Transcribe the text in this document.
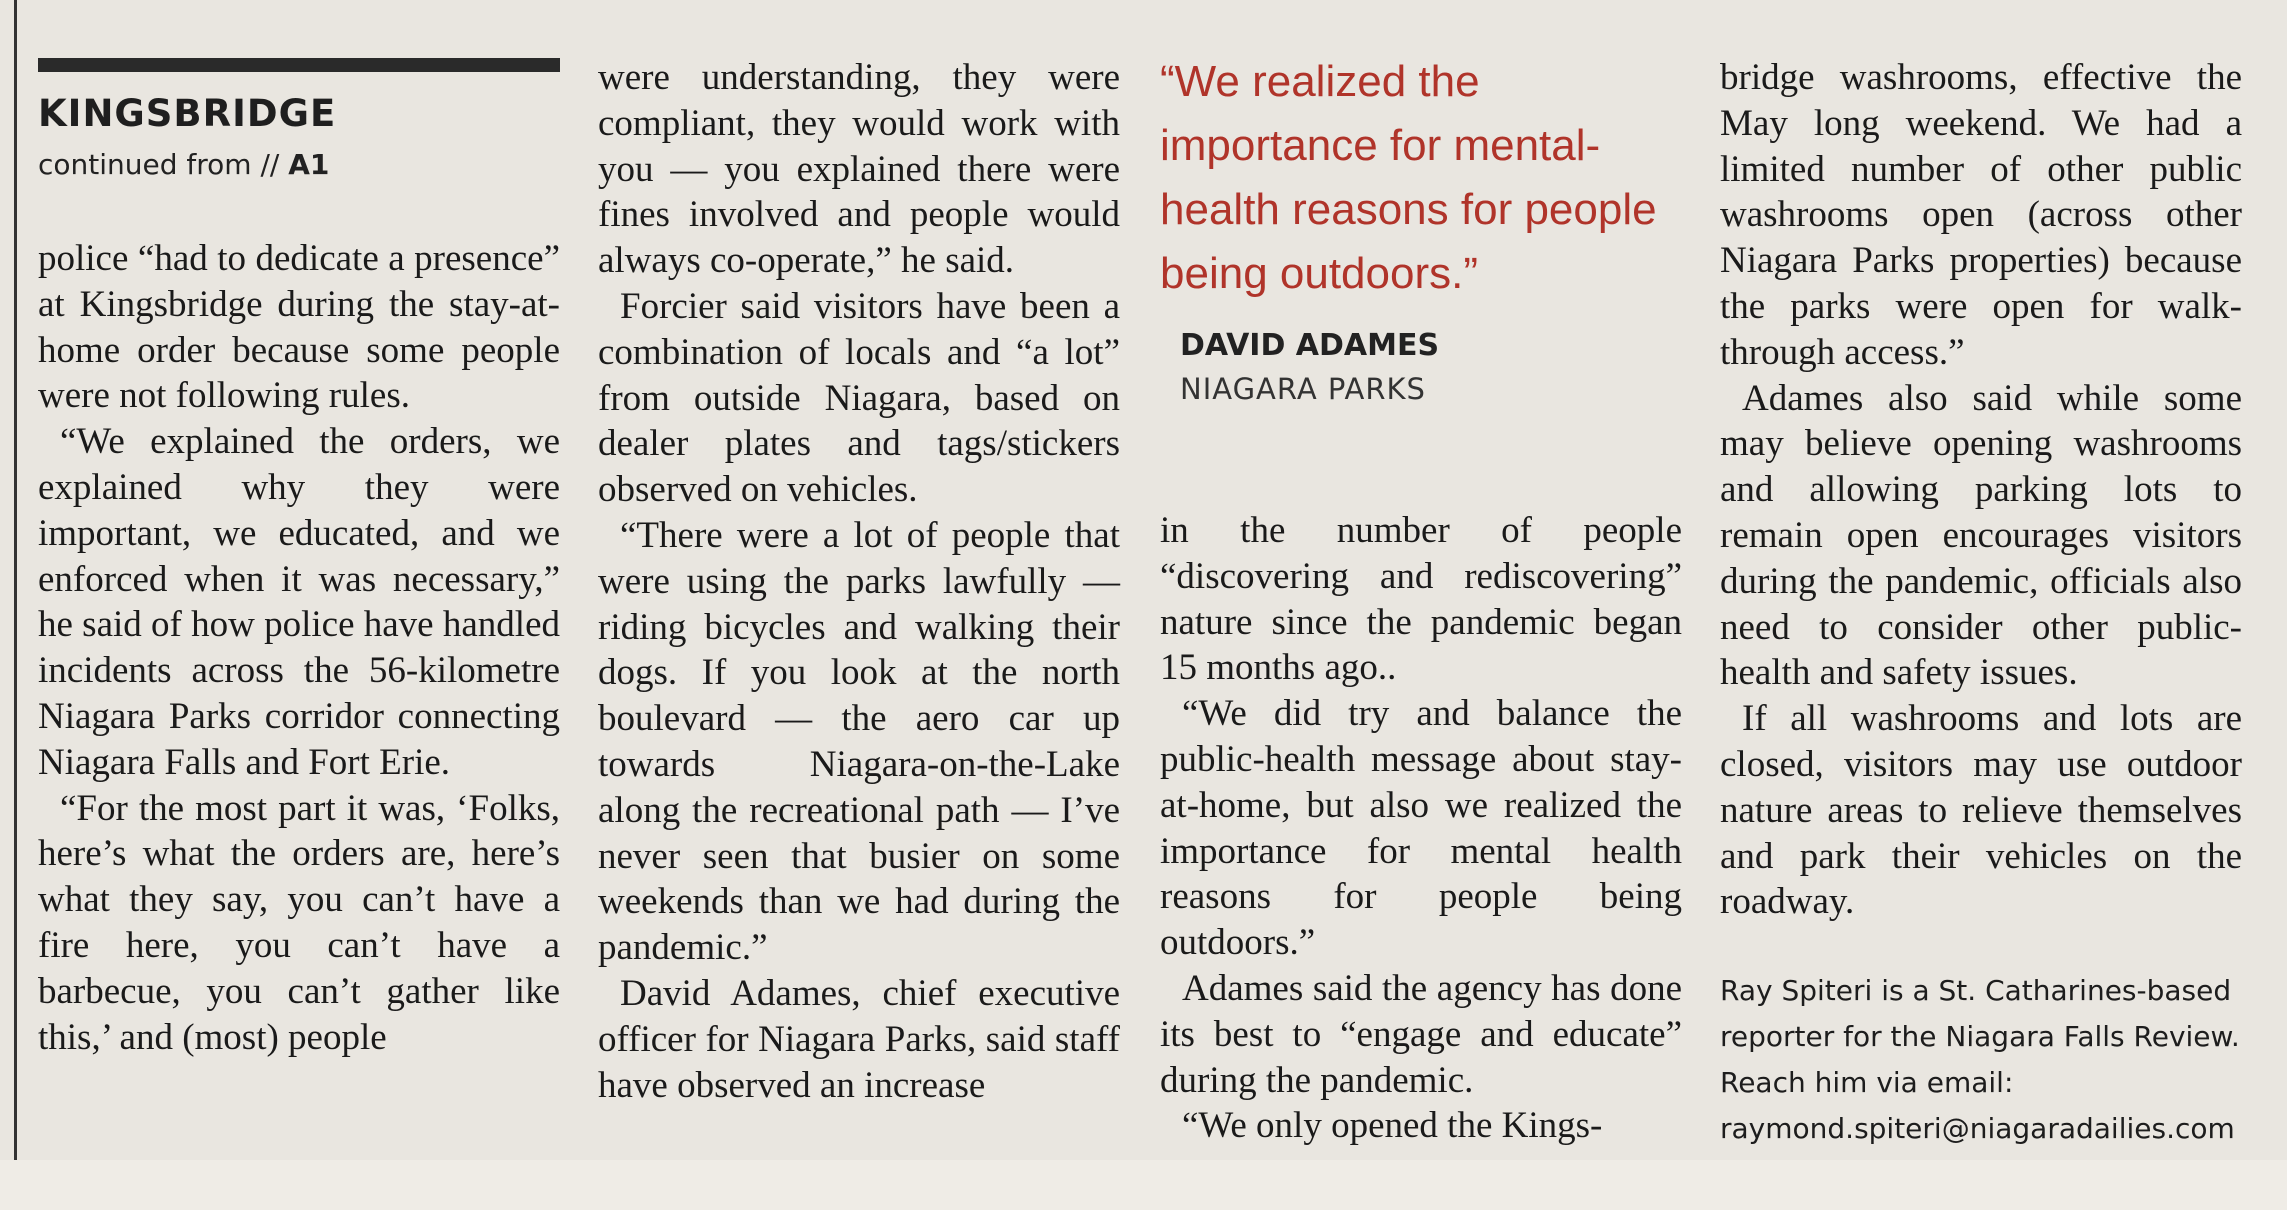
KINGSBRIDGE
continued from // A1

police “had to dedicate a presence” at Kingsbridge during the stay-at-home order because some people were not following rules.

“We explained the orders, we explained why they were important, we educated, and we enforced when it was necessary,” he said of how police have handled incidents across the 56-kilometre Niagara Parks corridor connecting Niagara Falls and Fort Erie.

“For the most part it was, ‘Folks, here’s what the orders are, here’s what they say, you can’t have a fire here, you can’t have a barbecue, you can’t gather like this,’ and (most) people

were understanding, they were compliant, they would work with you — you explained there were fines involved and people would always co-operate,” he said.

Forcier said visitors have been a combination of locals and “a lot” from outside Niagara, based on dealer plates and tags/stickers observed on vehicles.

“There were a lot of people that were using the parks lawfully — riding bicycles and walking their dogs. If you look at the north boulevard — the aero car up towards Niagara-on-the-Lake along the recreational path — I’ve never seen that busier on some weekends than we had during the pandemic.”

David Adames, chief executive officer for Niagara Parks, said staff have observed an increase

“We realized the importance for mental-health reasons for people being outdoors.”
DAVID ADAMES
NIAGARA PARKS

in the number of people “discovering and rediscovering” nature since the pandemic began 15 months ago..

“We did try and balance the public-health message about stay-at-home, but also we realized the importance for mental health reasons for people being outdoors.”

Adames said the agency has done its best to “engage and educate” during the pandemic.

“We only opened the Kings-

bridge washrooms, effective the May long weekend. We had a limited number of other public washrooms open (across other Niagara Parks properties) because the parks were open for walk-through access.”

Adames also said while some may believe opening washrooms and allowing parking lots to remain open encourages visitors during the pandemic, officials also need to consider other public-health and safety issues.

If all washrooms and lots are closed, visitors may use outdoor nature areas to relieve themselves and park their vehicles on the roadway.

Ray Spiteri is a St. Catharines-based reporter for the Niagara Falls Review. Reach him via email: raymond.spiteri@niagaradailies.com
